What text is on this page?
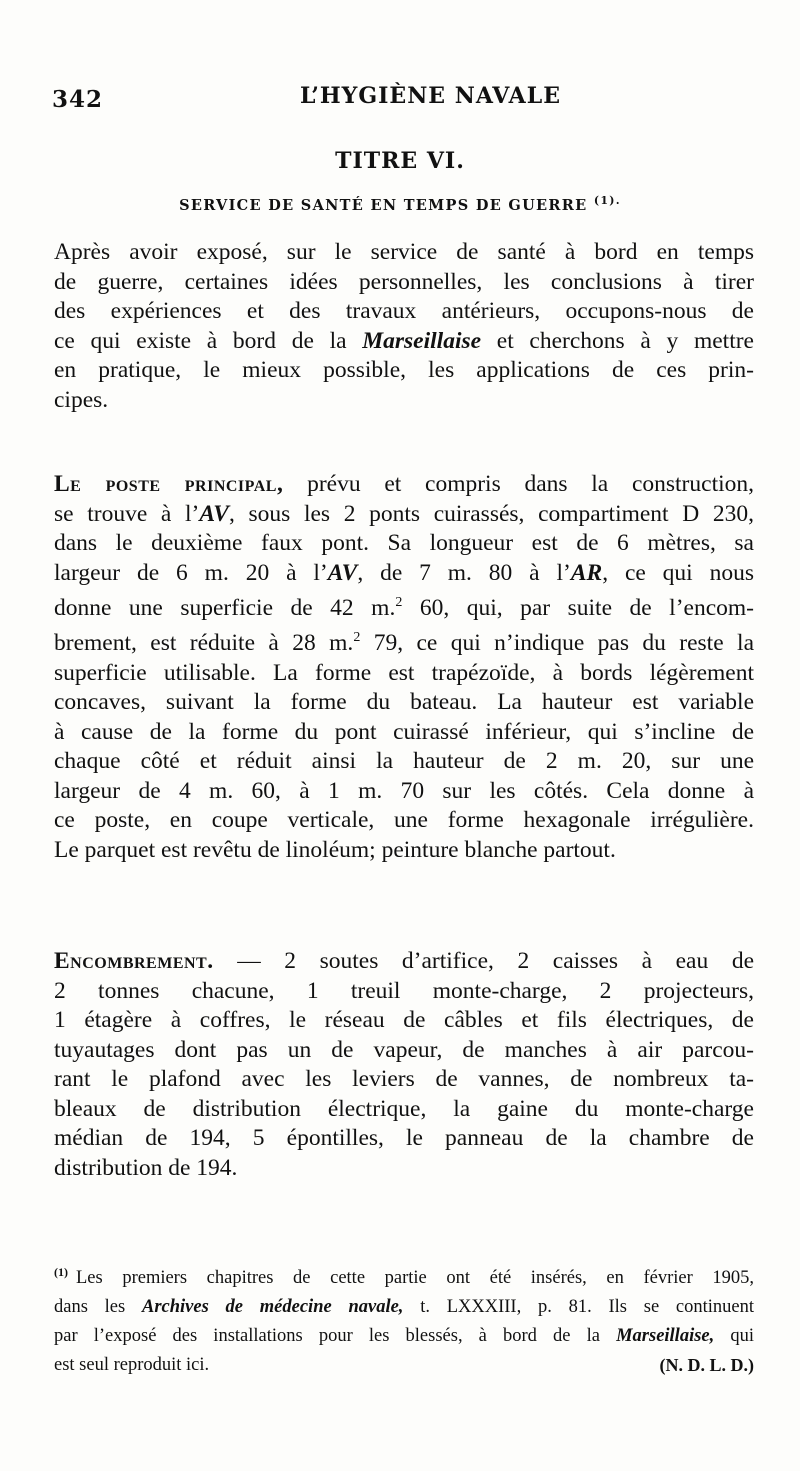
342	L’HYGIÈNE NAVALE
TITRE VI.
SERVICE DE SANTÉ EN TEMPS DE GUERRE $^{(1).}$
Après avoir exposé, sur le service de santé à bord en temps
de guerre, certaines idées personnelles, les conclusions à tirer
des expériences et des travaux antérieurs, occupons-nous de
ce qui existe à bord de la Marseillaise et cherchons à y mettre
en pratique, le mieux possible, les applications de ces prin-
cipes.
Le poste principal, prévu et compris dans la construction,
se trouve à l’AV, sous les 2 ponts cuirassés, compartiment D 230,
dans le deuxième faux pont. Sa longueur est de 6 mètres, sa
largeur de 6 m. 20 à l’AV, de 7 m. 80 à l’AR, ce qui nous
donne une superficie de 42 m.$^2$ 60, qui, par suite de l’encom-
brement, est réduite à 28 m.$^2$ 79, ce qui n’indique pas du reste la
superficie utilisable. La forme est trapézoïde, à bords légèrement
concaves, suivant la forme du bateau. La hauteur est variable
à cause de la forme du pont cuirassé inférieur, qui s’incline de
chaque côté et réduit ainsi la hauteur de 2 m. 20, sur une
largeur de 4 m. 60, à 1 m. 70 sur les côtés. Cela donne à
ce poste, en coupe verticale, une forme hexagonale irrégulière.
Le parquet est revêtu de linoléum; peinture blanche partout.
Encombrement. — 2 soutes d’artifice, 2 caisses à eau de
2 tonnes chacune, 1 treuil monte-charge, 2 projecteurs,
1 étagère à coffres, le réseau de câbles et fils électriques, de
tuyautages dont pas un de vapeur, de manches à air parcou-
rant le plafond avec les leviers de vannes, de nombreux ta-
bleaux de distribution électrique, la gaine du monte-charge
médian de 194, 5 épontilles, le panneau de la chambre de
distribution de 194.
$^{(1)}$ Les premiers chapitres de cette partie ont été insérés, en février 1905,
dans les Archives de médecine navale, t. LXXXIII, p. 81. Ils se continuent
par l’exposé des installations pour les blessés, à bord de la Marseillaise, qui
est seul reproduit ici.	(N. D. L. D.)
